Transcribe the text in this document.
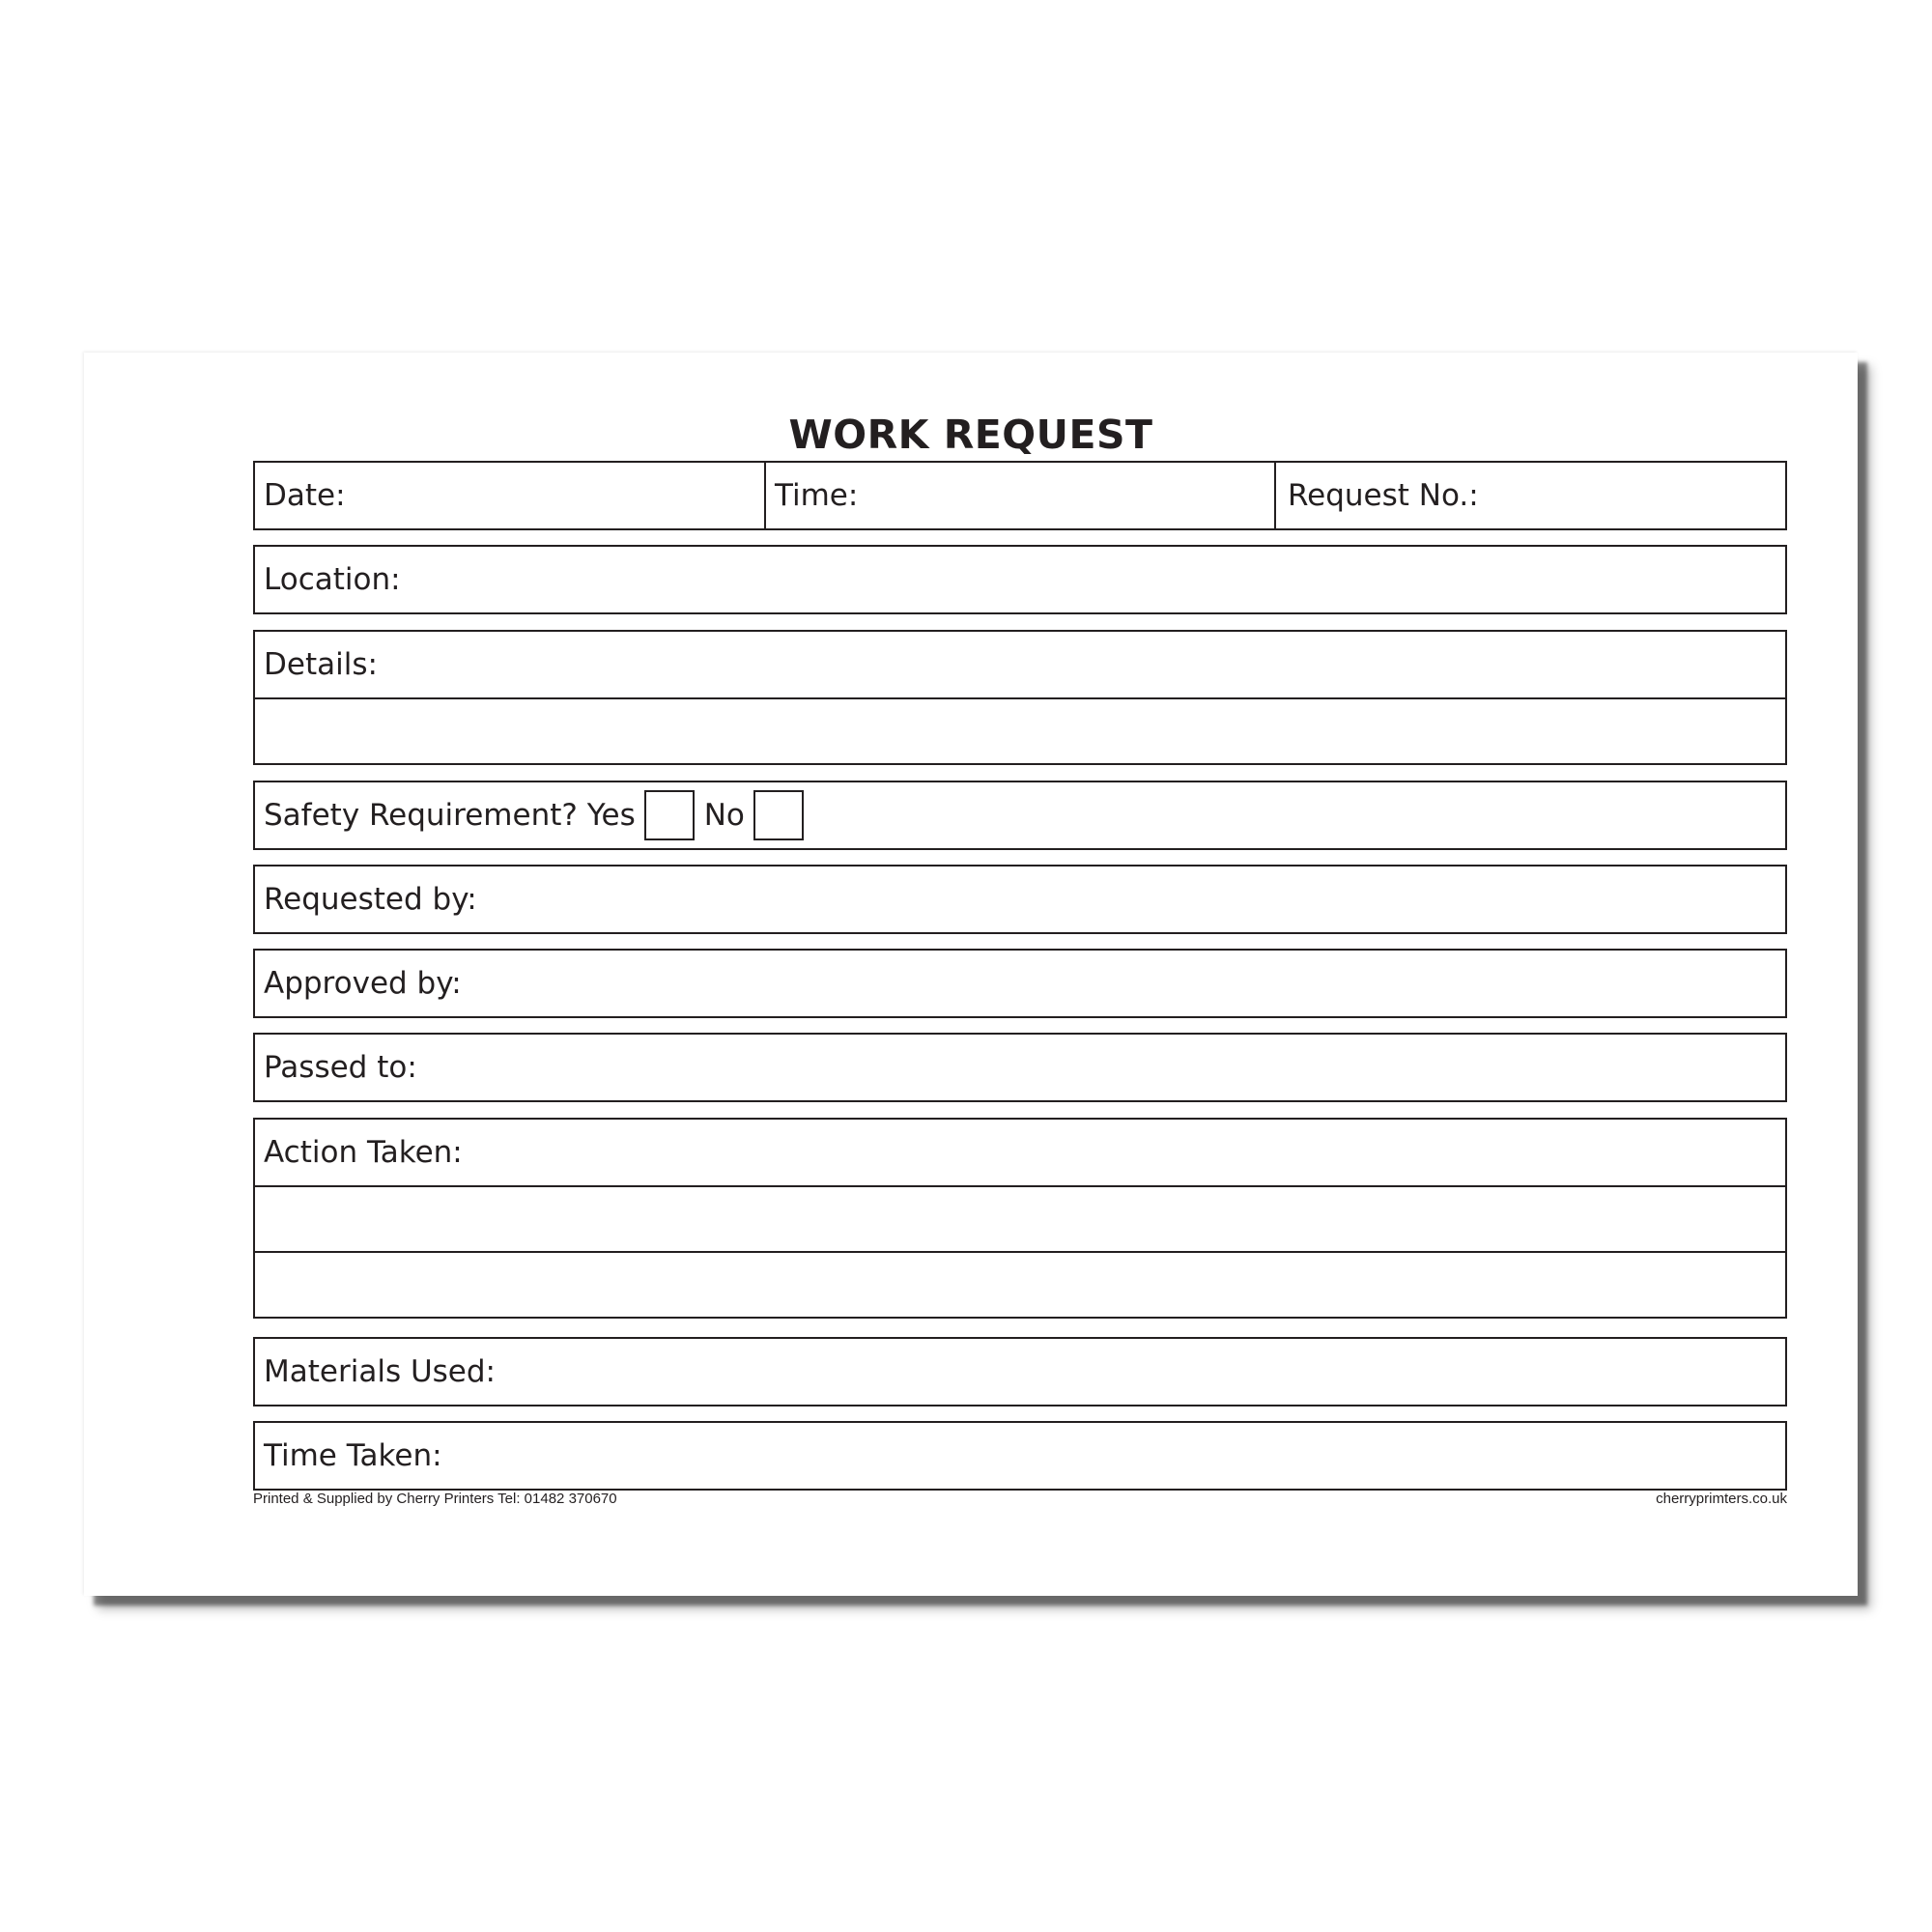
WORK REQUEST
Date:	Time:	Request No.:
Location:
Details:
Safety Requirement? Yes No
Requested by:
Approved by:
Passed to:
Action Taken:
Materials Used:
Time Taken:
Printed & Supplied by Cherry Printers Tel: 01482 370670	cherryprimters.co.uk
